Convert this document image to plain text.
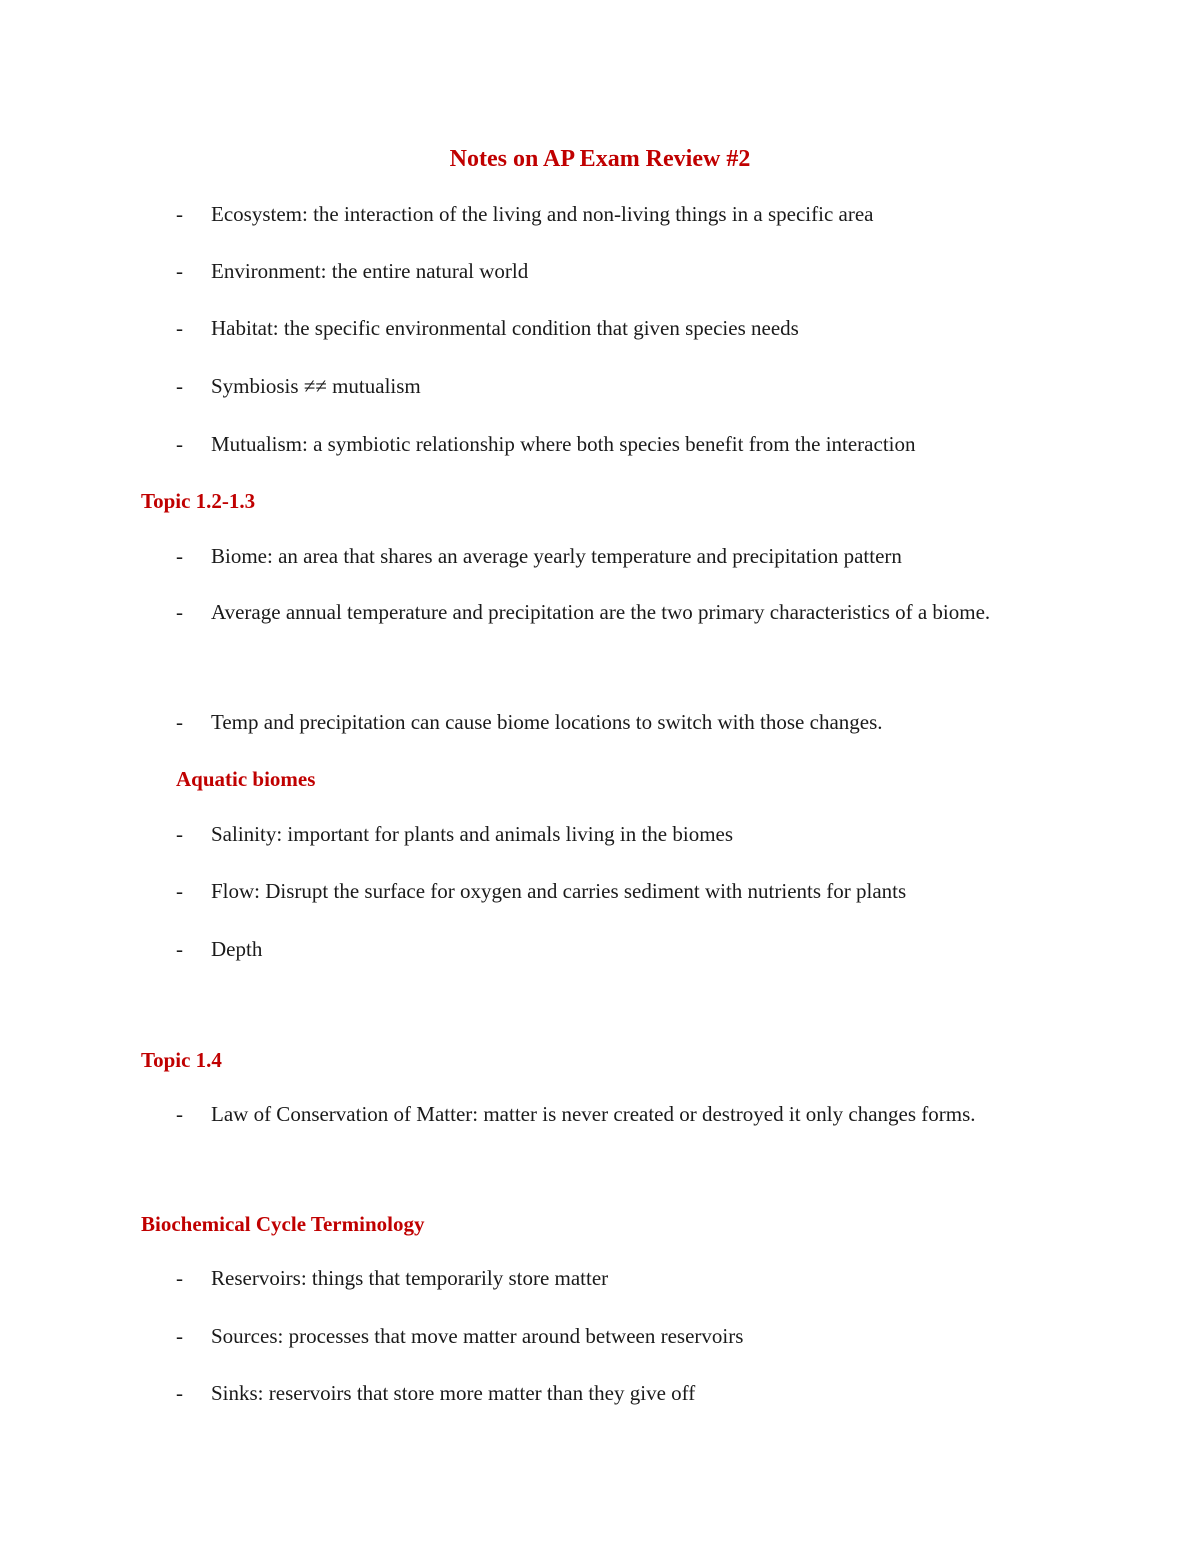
Notes on AP Exam Review #2
-	Ecosystem: the interaction of the living and non-living things in a specific area
-	Environment: the entire natural world
-	Habitat: the specific environmental condition that given species needs
-	Symbiosis ≠≠ mutualism
-	Mutualism: a symbiotic relationship where both species benefit from the interaction
Topic 1.2-1.3
-	Biome: an area that shares an average yearly temperature and precipitation pattern
-	Average annual temperature and precipitation are the two primary characteristics of a biome.
-	Temp and precipitation can cause biome locations to switch with those changes.
Aquatic biomes
-	Salinity: important for plants and animals living in the biomes
-	Flow: Disrupt the surface for oxygen and carries sediment with nutrients for plants
-	Depth
Topic 1.4
-	Law of Conservation of Matter: matter is never created or destroyed it only changes forms.
Biochemical Cycle Terminology
-	Reservoirs: things that temporarily store matter
-	Sources: processes that move matter around between reservoirs
-	Sinks: reservoirs that store more matter than they give off
